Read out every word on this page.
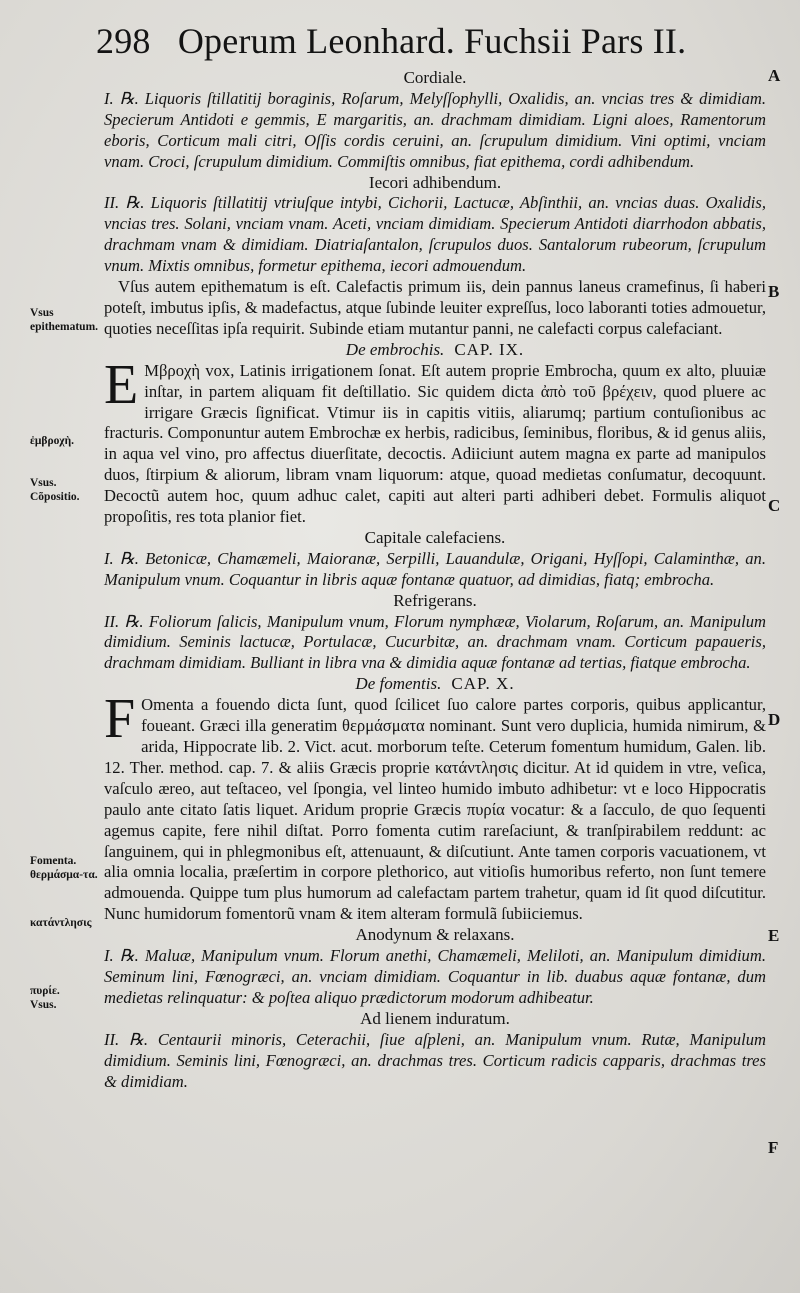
298 Operum Leonhard. Fuchsii Pars II.
A
B
C
D
E
F
Vsus epithematum.
ἐμβροχὴ.
Vsus.
Cõpositio.
Fomenta.
θερμάσμα-τα.
κατάντλησις
πυρίε.
Vsus.

Cordiale.

I. ℞. Liquoris ſtillatitij boraginis, Roſarum, Melyſſophylli, Oxalidis, an. vncias tres & dimidiam. Specierum Antidoti e gemmis, E margaritis, an. drachmam dimidiam. Ligni aloes, Ramentorum eboris, Corticum mali citri, Oſſis cordis ceruini, an. ſcrupulum dimidium. Vini optimi, vnciam vnam. Croci, ſcrupulum dimidium. Commiſtis omnibus, fiat epithema, cordi adhibendum.

Iecori adhibendum.

II. ℞. Liquoris ſtillatitij vtriuſque intybi, Cichorii, Lactucæ, Abſinthii, an. vncias duas. Oxalidis, vncias tres. Solani, vnciam vnam. Aceti, vnciam dimidiam. Specierum Antidoti diarrhodon abbatis, drachmam vnam & dimidiam. Diatriaſantalon, ſcrupulos duos. Santalorum rubeorum, ſcrupulum vnum. Mixtis omnibus, formetur epithema, iecori admouendum.

Vſus autem epithematum is eſt. Calefactis primum iis, dein pannus laneus cramefinus, ſi haberi poteſt, imbutus ipſis, & madefactus, atque ſubinde leuiter expreſſus, loco laboranti toties admouetur, quoties neceſſitas ipſa requirit. Subinde etiam mutantur panni, ne calefacti corpus calefaciant.

De embrochis. CAP. IX.

E Μβροχὴ vox, Latinis irrigationem ſonat. Eſt autem proprie Embrocha, quum ex alto, pluuiæ inſtar, in partem aliquam fit deſtillatio. Sic quidem dicta ἀπὸ τοῦ βρέχειν, quod pluere ac irrigare Græcis ſignificat. Vtimur iis in capitis vitiis, aliarumq; partium contuſionibus ac fracturis. Componuntur autem Embrochæ ex herbis, radicibus, ſeminibus, floribus, & id genus aliis, in aqua vel vino, pro affectus diuerſitate, decoctis. Adiiciunt autem magna ex parte ad manipulos duos, ſtirpium & aliorum, libram vnam liquorum: atque, quoad medietas conſumatur, decoquunt. Decoctũ autem hoc, quum adhuc calet, capiti aut alteri parti adhiberi debet. Formulis aliquot propoſitis, res tota planior fiet.

Capitale calefaciens.

I. ℞. Betonicæ, Chamæmeli, Maioranæ, Serpilli, Lauandulæ, Origani, Hyſſopi, Calaminthæ, an. Manipulum vnum. Coquantur in libris aquæ fontanæ quatuor, ad dimidias, fiatq; embrocha.

Refrigerans.

II. ℞. Foliorum ſalicis, Manipulum vnum, Florum nymphææ, Violarum, Roſarum, an. Manipulum dimidium. Seminis lactucæ, Portulacæ, Cucurbitæ, an. drachmam vnam. Corticum papaueris, drachmam dimidiam. Bulliant in libra vna & dimidia aquæ fontanæ ad tertias, fiatque embrocha.

De fomentis. CAP. X.

F Omenta a fouendo dicta ſunt, quod ſcilicet ſuo calore partes corporis, quibus applicantur, foueant. Græci illa generatim θερμάσματα nominant. Sunt vero duplicia, humida nimirum, & arida, Hippocrate lib. 2. Vict. acut. morborum teſte. Ceterum fomentum humidum, Galen. lib. 12. Ther. method. cap. 7. & aliis Græcis proprie κατάντλησις dicitur. At id quidem in vtre, veſica, vaſculo æreo, aut teſtaceo, vel ſpongia, vel linteo humido imbuto adhibetur: vt e loco Hippocratis paulo ante citato ſatis liquet. Aridum proprie Græcis πυρία vocatur: & a ſacculo, de quo ſequenti agemus capite, fere nihil diſtat. Porro fomenta cutim rareſaciunt, & tranſpirabilem reddunt: ac ſanguinem, qui in phlegmonibus eſt, attenuaunt, & diſcutiunt. Ante tamen corporis vacuationem, vt alia omnia localia, præſertim in corpore plethorico, aut vitioſis humoribus referto, non ſunt temere admouenda. Quippe tum plus humorum ad calefactam partem trahetur, quam id ſit quod diſcutitur. Nunc humidorum fomentorũ vnam & item alteram formulã ſubiiciemus.

Anodynum & relaxans.

I. ℞. Maluæ, Manipulum vnum. Florum anethi, Chamæmeli, Meliloti, an. Manipulum dimidium. Seminum lini, Fœnogræci, an. vnciam dimidiam. Coquantur in lib. duabus aquæ fontanæ, dum medietas relinquatur: & poſtea aliquo prædictorum modorum adhibeatur.

Ad lienem induratum.

II. ℞. Centaurii minoris, Ceterachii, ſiue aſpleni, an. Manipulum vnum. Rutæ, Manipulum dimidium. Seminis lini, Fœnogræci, an. drachmas tres. Corticum radicis capparis, drachmas tres & dimidiam.
